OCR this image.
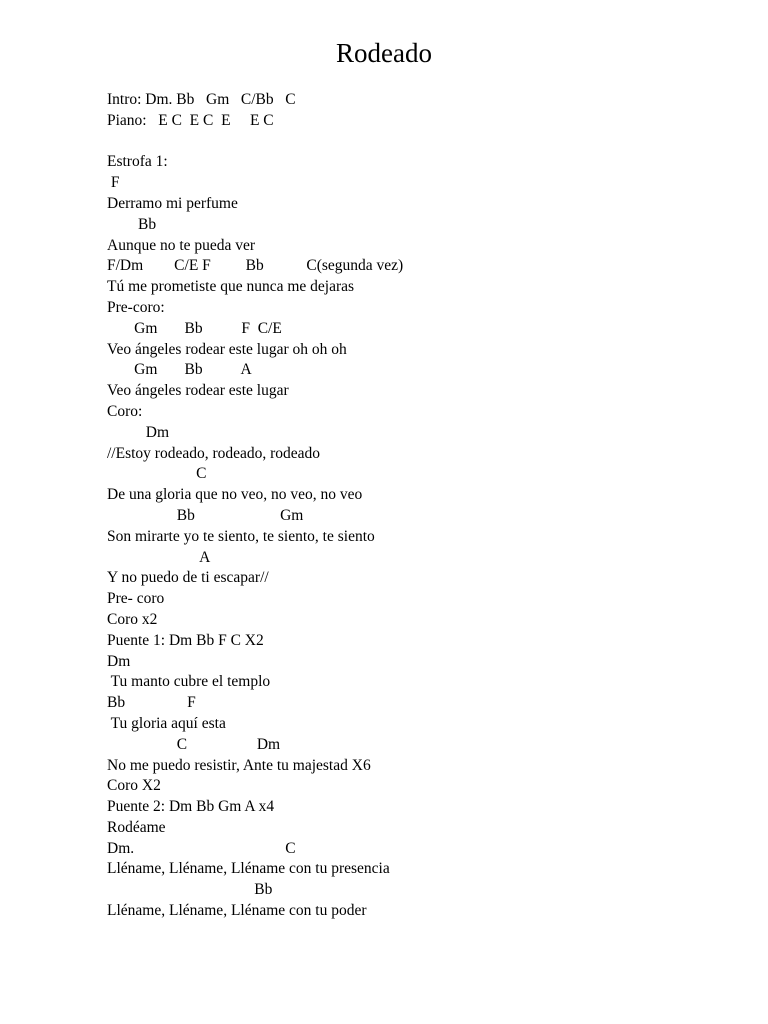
Rodeado
Intro: Dm. Bb   Gm   C/Bb   C
Piano:   E C  E C  E     E C
Estrofa 1:
F
Derramo mi perfume
Bb
Aunque no te pueda ver
F/Dm        C/E F         Bb           C(segunda vez)
Tú me prometiste que nunca me dejaras
Pre-coro:
Gm       Bb          F  C/E
Veo ángeles rodear este lugar oh oh oh
Gm       Bb          A
Veo ángeles rodear este lugar
Coro:
Dm
//Estoy rodeado, rodeado, rodeado
C
De una gloria que no veo, no veo, no veo
Bb                      Gm
Son mirarte yo te siento, te siento, te siento
A
Y no puedo de ti escapar//
Pre- coro
Coro x2
Puente 1: Dm Bb F C X2
Dm
Tu manto cubre el templo
Bb                F
Tu gloria aquí esta
C                  Dm
No me puedo resistir, Ante tu majestad X6
Coro X2
Puente 2: Dm Bb Gm A x4
Rodéame
Dm.                                       C
Lléname, Lléname, Lléname con tu presencia
Bb
Lléname, Lléname, Lléname con tu poder
